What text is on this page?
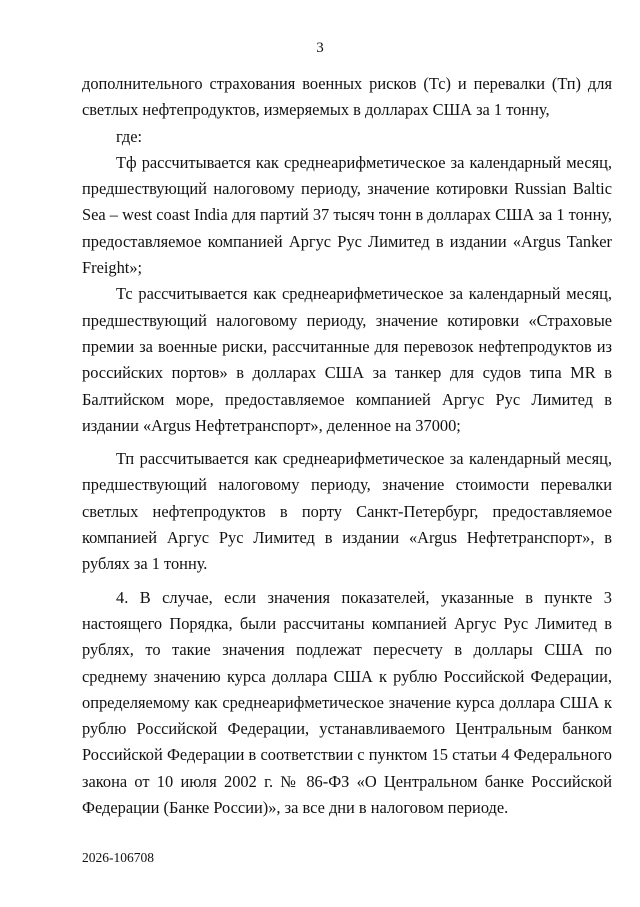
3

дополнительного страхования военных рисков (Тс) и перевалки (Тп) для светлых нефтепродуктов, измеряемых в долларах США за 1 тонну,

где:

Тф рассчитывается как среднеарифметическое за календарный месяц, предшествующий налоговому периоду, значение котировки Russian Baltic Sea – west coast India для партий 37 тысяч тонн в долларах США за 1 тонну, предоставляемое компанией Аргус Рус Лимитед в издании «Argus Tanker Freight»;

Тс рассчитывается как среднеарифметическое за календарный месяц, предшествующий налоговому периоду, значение котировки «Страховые премии за военные риски, рассчитанные для перевозок нефтепродуктов из российских портов» в долларах США за танкер для судов типа MR в Балтийском море, предоставляемое компанией Аргус Рус Лимитед в издании «Argus Нефтетранспорт», деленное на 37000;

Тп рассчитывается как среднеарифметическое за календарный месяц, предшествующий налоговому периоду, значение стоимости перевалки светлых нефтепродуктов в порту Санкт-Петербург, предоставляемое компанией Аргус Рус Лимитед в издании «Argus Нефтетранспорт», в рублях за 1 тонну.

4. В случае, если значения показателей, указанные в пункте 3 настоящего Порядка, были рассчитаны компанией Аргус Рус Лимитед в рублях, то такие значения подлежат пересчету в доллары США по среднему значению курса доллара США к рублю Российской Федерации, определяемому как среднеарифметическое значение курса доллара США к рублю Российской Федерации, устанавливаемого Центральным банком Российской Федерации в соответствии с пунктом 15 статьи 4 Федерального закона от 10 июля 2002 г. № 86-ФЗ «О Центральном банке Российской Федерации (Банке России)», за все дни в налоговом периоде.

2026-106708
